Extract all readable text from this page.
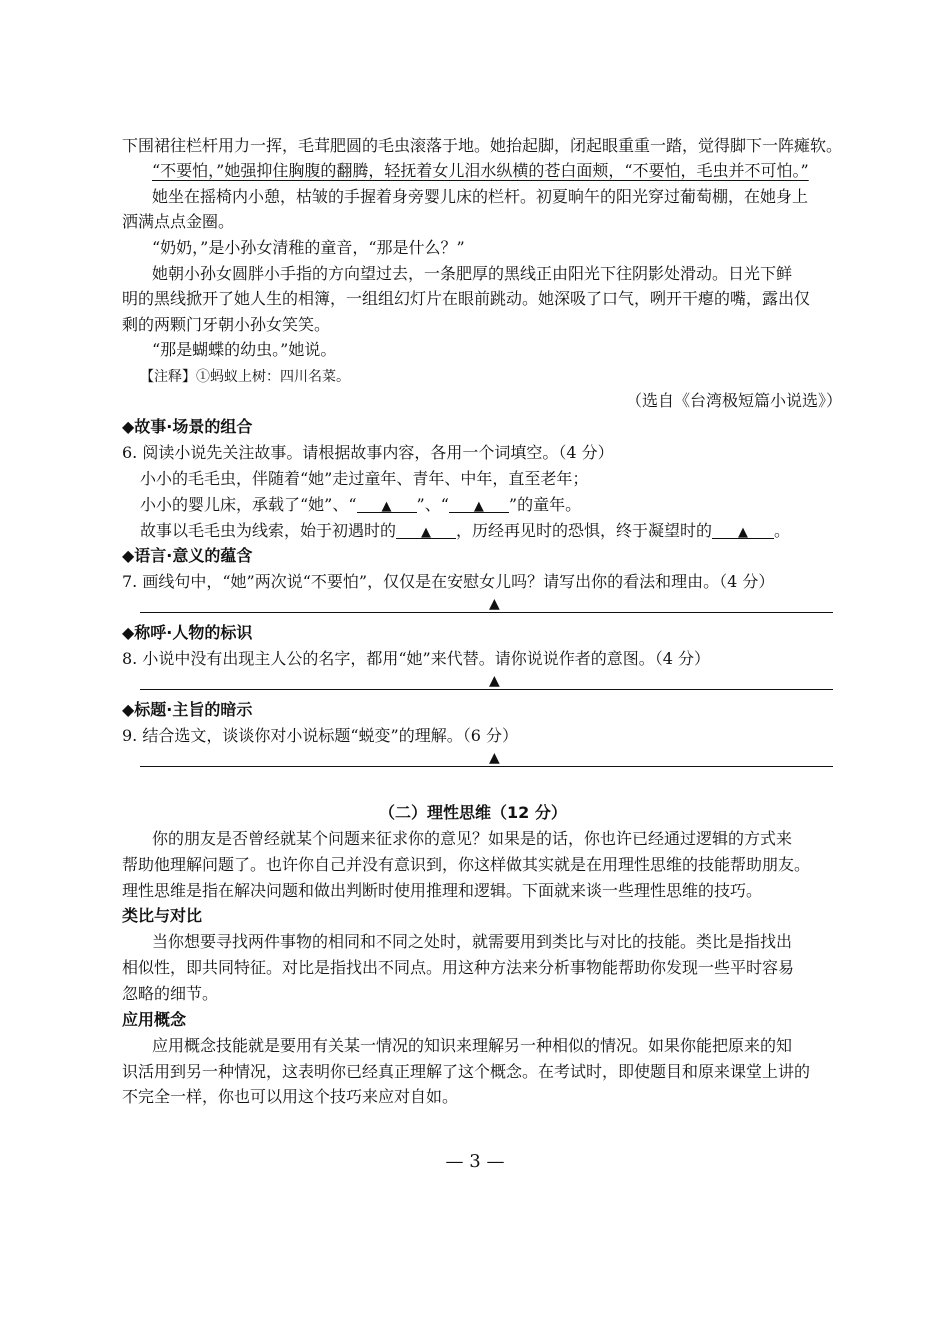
下围裙往栏杆用力一挥，毛茸肥圆的毛虫滚落于地。她抬起脚，闭起眼重重一踏，觉得脚下一阵瘫软。
“不要怕，”她强抑住胸腹的翻腾，轻抚着女儿泪水纵横的苍白面颊，“不要怕，毛虫并不可怕。”
她坐在摇椅内小憩，枯皱的手握着身旁婴儿床的栏杆。初夏晌午的阳光穿过葡萄棚，在她身上
洒满点点金圈。
“奶奶，”是小孙女清稚的童音，“那是什么？”
她朝小孙女圆胖小手指的方向望过去，一条肥厚的黑线正由阳光下往阴影处滑动。日光下鲜
明的黑线掀开了她人生的相簿，一组组幻灯片在眼前跳动。她深吸了口气，咧开干瘪的嘴，露出仅
剩的两颗门牙朝小孙女笑笑。
“那是蝴蝶的幼虫。”她说。
【注释】①蚂蚁上树：四川名菜。
（选自《台湾极短篇小说选》）
◆故事·场景的组合
6. 阅读小说先关注故事。请根据故事内容，各用一个词填空。（4 分）
小小的毛毛虫，伴随着“她”走过童年、青年、中年，直至老年；
小小的婴儿床，承载了“她”、“ ▲ ”、“ ▲ ”的童年。
故事以毛毛虫为线索，始于初遇时的 ▲ ，历经再见时的恐惧，终于凝望时的 ▲ 。
◆语言·意义的蕴含
7. 画线句中，“她”两次说“不要怕”，仅仅是在安慰女儿吗？请写出你的看法和理由。（4 分）
▲
◆称呼·人物的标识
8. 小说中没有出现主人公的名字，都用“她”来代替。请你说说作者的意图。（4 分）
▲
◆标题·主旨的暗示
9. 结合选文，谈谈你对小说标题“蜕变”的理解。（6 分）
▲
（二）理性思维（12 分）
你的朋友是否曾经就某个问题来征求你的意见？如果是的话，你也许已经通过逻辑的方式来
帮助他理解问题了。也许你自己并没有意识到，你这样做其实就是在用理性思维的技能帮助朋友。
理性思维是指在解决问题和做出判断时使用推理和逻辑。下面就来谈一些理性思维的技巧。
类比与对比
当你想要寻找两件事物的相同和不同之处时，就需要用到类比与对比的技能。类比是指找出
相似性，即共同特征。对比是指找出不同点。用这种方法来分析事物能帮助你发现一些平时容易
忽略的细节。
应用概念
应用概念技能就是要用有关某一情况的知识来理解另一种相似的情况。如果你能把原来的知
识活用到另一种情况，这表明你已经真正理解了这个概念。在考试时，即使题目和原来课堂上讲的
不完全一样，你也可以用这个技巧来应对自如。
— 3 —
